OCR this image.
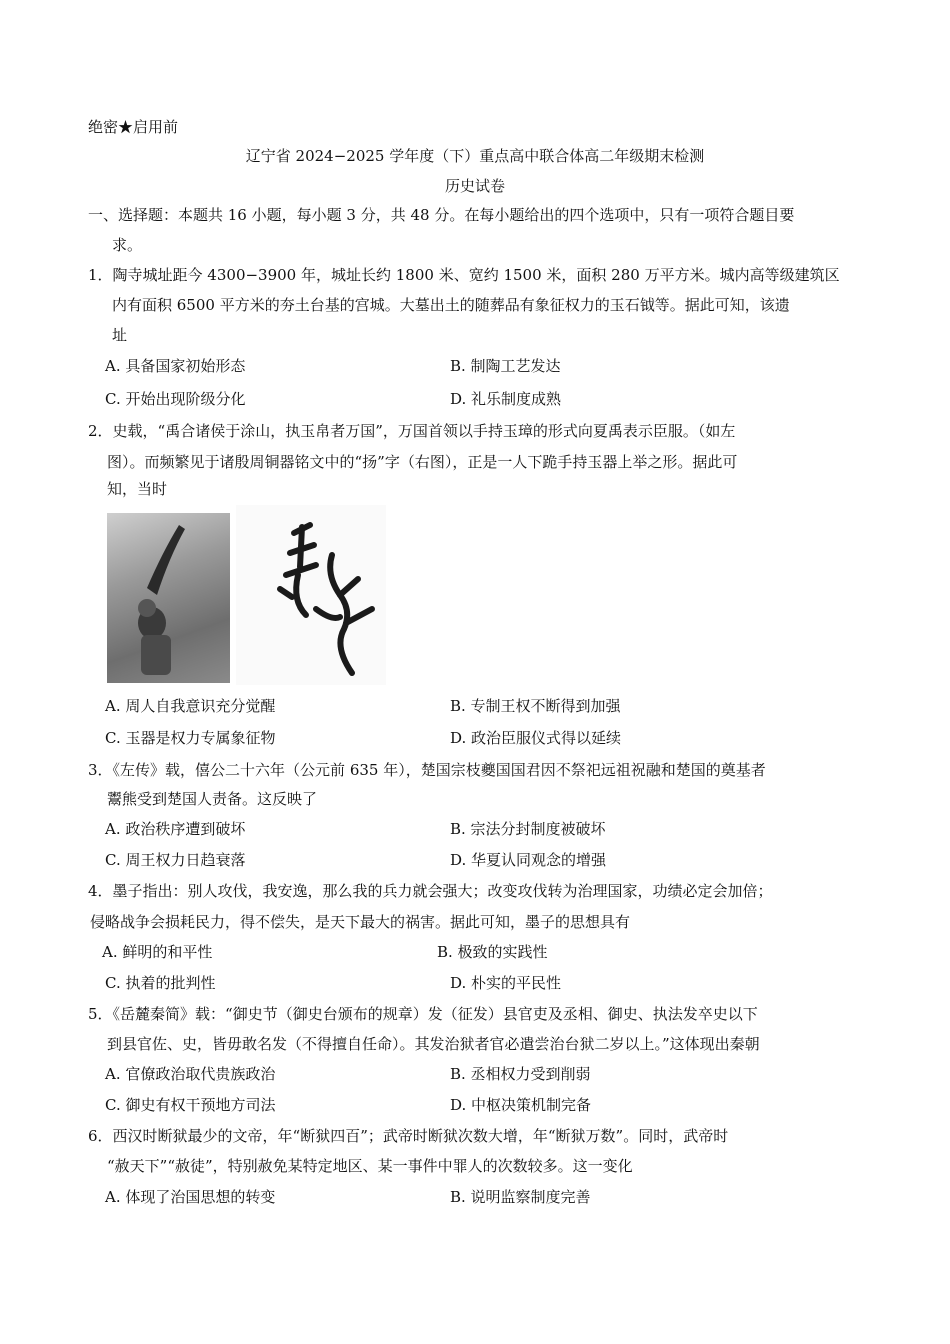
绝密★启用前
辽宁省 2024−2025 学年度（下）重点高中联合体高二年级期末检测
历史试卷
一、选择题：本题共 16 小题，每小题 3 分，共 48 分。在每小题给出的四个选项中，只有一项符合题目要
求。
1．陶寺城址距今 4300−3900 年，城址长约 1800 米、宽约 1500 米，面积 280 万平方米。城内高等级建筑区
内有面积 6500 平方米的夯土台基的宫城。大墓出土的随葬品有象征权力的玉石钺等。据此可知，该遗
址
A. 具备国家初始形态	B. 制陶工艺发达
C. 开始出现阶级分化	D. 礼乐制度成熟
2．史载，“禹合诸侯于涂山，执玉帛者万国”，万国首领以手持玉璋的形式向夏禹表示臣服。（如左
图）。而频繁见于诸殷周铜器铭文中的“扬”字（右图），正是一人下跪手持玉器上举之形。据此可
知，当时
A. 周人自我意识充分觉醒	B. 专制王权不断得到加强
C. 玉器是权力专属象征物	D. 政治臣服仪式得以延续
3．《左传》载，僖公二十六年（公元前 635 年），楚国宗枝夔国国君因不祭祀远祖祝融和楚国的奠基者
鬻熊受到楚国人责备。这反映了
A. 政治秩序遭到破坏	B. 宗法分封制度被破坏
C. 周王权力日趋衰落	D. 华夏认同观念的增强
4．墨子指出：别人攻伐，我安逸，那么我的兵力就会强大；改变攻伐转为治理国家，功绩必定会加倍；
侵略战争会损耗民力，得不偿失，是天下最大的祸害。据此可知，墨子的思想具有
A. 鲜明的和平性	B. 极致的实践性
C. 执着的批判性	D. 朴实的平民性
5．《岳麓秦简》载：“御史节（御史台颁布的规章）发（征发）县官吏及丞相、御史、执法发卒史以下
到县官佐、史，皆毋敢名发（不得擅自任命）。其发治狱者官必遣尝治台狱二岁以上。”这体现出秦朝
A. 官僚政治取代贵族政治	B. 丞相权力受到削弱
C. 御史有权干预地方司法	D. 中枢决策机制完备
6．西汉时断狱最少的文帝，年“断狱四百”；武帝时断狱次数大增，年“断狱万数”。同时，武帝时
“赦天下”“赦徒”，特别赦免某特定地区、某一事件中罪人的次数较多。这一变化
A. 体现了治国思想的转变	B. 说明监察制度完善
